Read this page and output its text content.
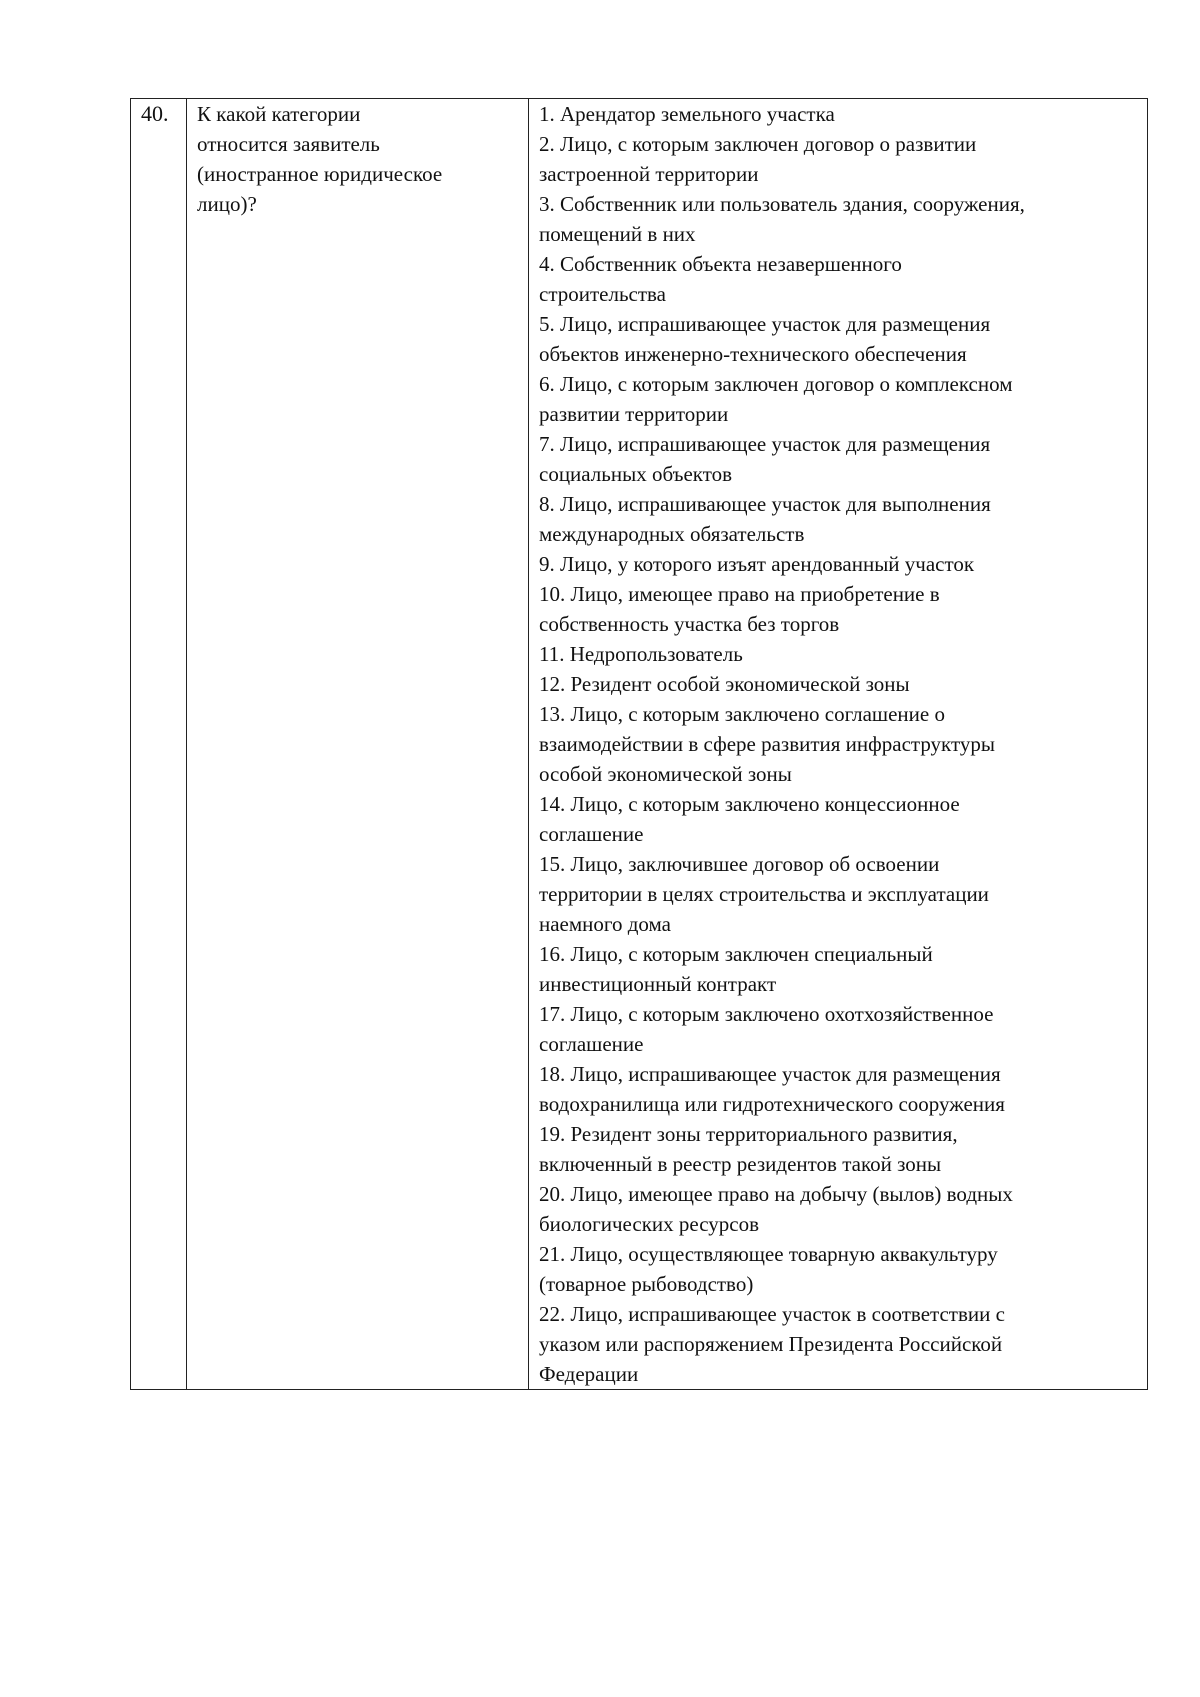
40.	К какой категории
относится заявитель
(иностранное юридическое
лицо)?

1. Арендатор земельного участка
2. Лицо, с которым заключен договор о развитии
застроенной территории
3. Собственник или пользователь здания, сооружения,
помещений в них
4. Собственник объекта незавершенного
строительства
5. Лицо, испрашивающее участок для размещения
объектов инженерно-технического обеспечения
6. Лицо, с которым заключен договор о комплексном
развитии территории
7. Лицо, испрашивающее участок для размещения
социальных объектов
8. Лицо, испрашивающее участок для выполнения
международных обязательств
9. Лицо, у которого изъят арендованный участок
10. Лицо, имеющее право на приобретение в
собственность участка без торгов
11. Недропользователь
12. Резидент особой экономической зоны
13. Лицо, с которым заключено соглашение о
взаимодействии в сфере развития инфраструктуры
особой экономической зоны
14. Лицо, с которым заключено концессионное
соглашение
15. Лицо, заключившее договор об освоении
территории в целях строительства и эксплуатации
наемного дома
16. Лицо, с которым заключен специальный
инвестиционный контракт
17. Лицо, с которым заключено охотхозяйственное
соглашение
18. Лицо, испрашивающее участок для размещения
водохранилища или гидротехнического сооружения
19. Резидент зоны территориального развития,
включенный в реестр резидентов такой зоны
20. Лицо, имеющее право на добычу (вылов) водных
биологических ресурсов
21. Лицо, осуществляющее товарную аквакультуру
(товарное рыбоводство)
22. Лицо, испрашивающее участок в соответствии с
указом или распоряжением Президента Российской
Федерации
